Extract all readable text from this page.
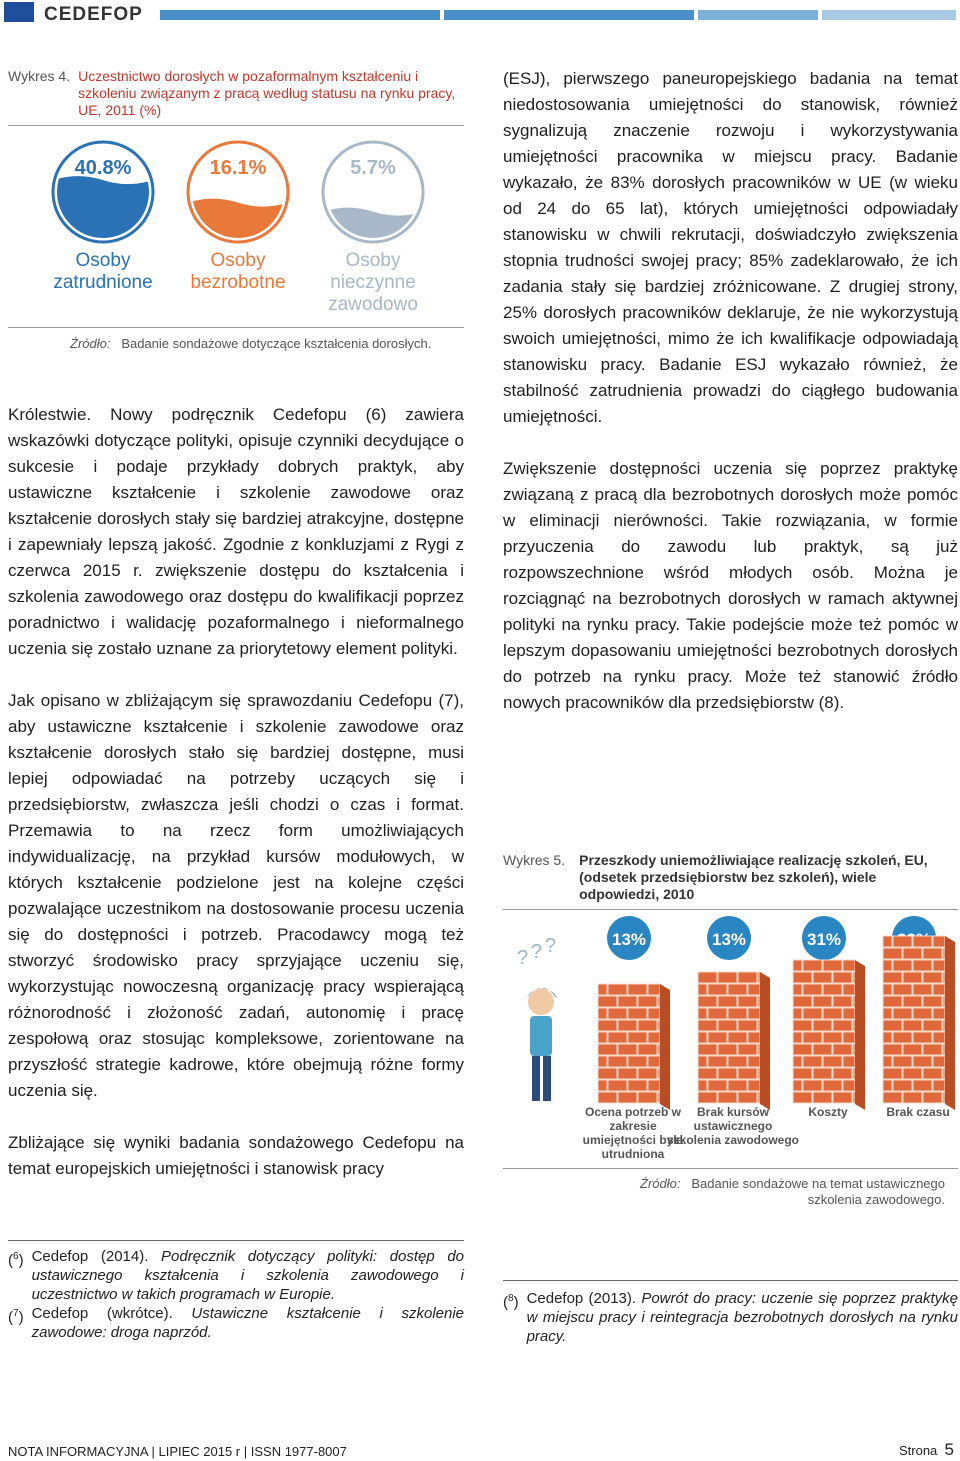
CEDEFOP
Wykres 4. Uczestnictwo dorosłych w pozaformalnym kształceniu i szkoleniu związanym z pracą według statusu na rynku pracy, UE, 2011 (%)
40.8%
Osoby
zatrudnione
16.1%
Osoby
bezrobotne
5.7%
Osoby
nieczynne
zawodowo
Źródło: Badanie sondażowe dotyczące kształcenia dorosłych.

Królestwie. Nowy podręcznik Cedefopu (6) zawiera wskazówki dotyczące polityki, opisuje czynniki decydujące o sukcesie i podaje przykłady dobrych praktyk, aby ustawiczne kształcenie i szkolenie zawodowe oraz kształcenie dorosłych stały się bardziej atrakcyjne, dostępne i zapewniały lepszą jakość. Zgodnie z konkluzjami z Rygi z czerwca 2015 r. zwiększenie dostępu do kształcenia i szkolenia zawodowego oraz dostępu do kwalifikacji poprzez poradnictwo i walidację pozaformalnego i nieformalnego uczenia się zostało uznane za priorytetowy element polityki.

Jak opisano w zbliżającym się sprawozdaniu Cedefopu (7), aby ustawiczne kształcenie i szkolenie zawodowe oraz kształcenie dorosłych stało się bardziej dostępne, musi lepiej odpowiadać na potrzeby uczących się i przedsiębiorstw, zwłaszcza jeśli chodzi o czas i format. Przemawia to na rzecz form umożliwiających indywidualizację, na przykład kursów modułowych, w których kształcenie podzielone jest na kolejne części pozwalające uczestnikom na dostosowanie procesu uczenia się do dostępności i potrzeb. Pracodawcy mogą też stworzyć środowisko pracy sprzyjające uczeniu się, wykorzystując nowoczesną organizację pracy wspierającą różnorodność i złożoność zadań, autonomię i pracę zespołową oraz stosując kompleksowe, zorientowane na przyszłość strategie kadrowe, które obejmują różne formy uczenia się.

Zbliżające się wyniki badania sondażowego Cedefopu na temat europejskich umiejętności i stanowisk pracy

(ESJ), pierwszego paneuropejskiego badania na temat niedostosowania umiejętności do stanowisk, również sygnalizują znaczenie rozwoju i wykorzystywania umiejętności pracownika w miejscu pracy. Badanie wykazało, że 83% dorosłych pracowników w UE (w wieku od 24 do 65 lat), których umiejętności odpowiadały stanowisku w chwili rekrutacji, doświadczyło zwiększenia stopnia trudności swojej pracy; 85% zadeklarowało, że ich zadania stały się bardziej zróżnicowane. Z drugiej strony, 25% dorosłych pracowników deklaruje, że nie wykorzystują swoich umiejętności, mimo że ich kwalifikacje odpowiadają stanowisku pracy. Badanie ESJ wykazało również, że stabilność zatrudnienia prowadzi do ciągłego budowania umiejętności.

Zwiększenie dostępności uczenia się poprzez praktykę związaną z pracą dla bezrobotnych dorosłych może pomóc w eliminacji nierówności. Takie rozwiązania, w formie przyuczenia do zawodu lub praktyk, są już rozpowszechnione wśród młodych osób. Można je rozciągnąć na bezrobotnych dorosłych w ramach aktywnej polityki na rynku pracy. Takie podejście może też pomóc w lepszym dopasowaniu umiejętności bezrobotnych dorosłych do potrzeb na rynku pracy. Może też stanowić źródło nowych pracowników dla przedsiębiorstw (8).

Wykres 5. Przeszkody uniemożliwiające realizację szkoleń, EU, (odsetek przedsiębiorstw bez szkoleń), wiele odpowiedzi, 2010
? ? ?	13%
Ocena potrzeb w
zakresie
umiejętności była
utrudniona
13%
Brak kursów
ustawicznego
szkolenia zawodowego
31%
Koszty	Brak czasu
Źródło: Badanie sondażowe na temat ustawicznego szkolenia zawodowego.
($^6$) Cedefop (2014). Podręcznik dotyczący polityki: dostęp do ustawicznego kształcenia i szkolenia zawodowego i uczestnictwo w takich programach w Europie.
($^7$) Cedefop (wkrótce). Ustawiczne kształcenie i szkolenie zawodowe: droga naprzód.
($^8$) Cedefop (2013). Powrót do pracy: uczenie się poprzez praktykę w miejscu pracy i reintegracja bezrobotnych dorosłych na rynku pracy.
NOTA INFORMACYJNA | LIPIEC 2015 r | ISSN 1977-8007	Strona 5
